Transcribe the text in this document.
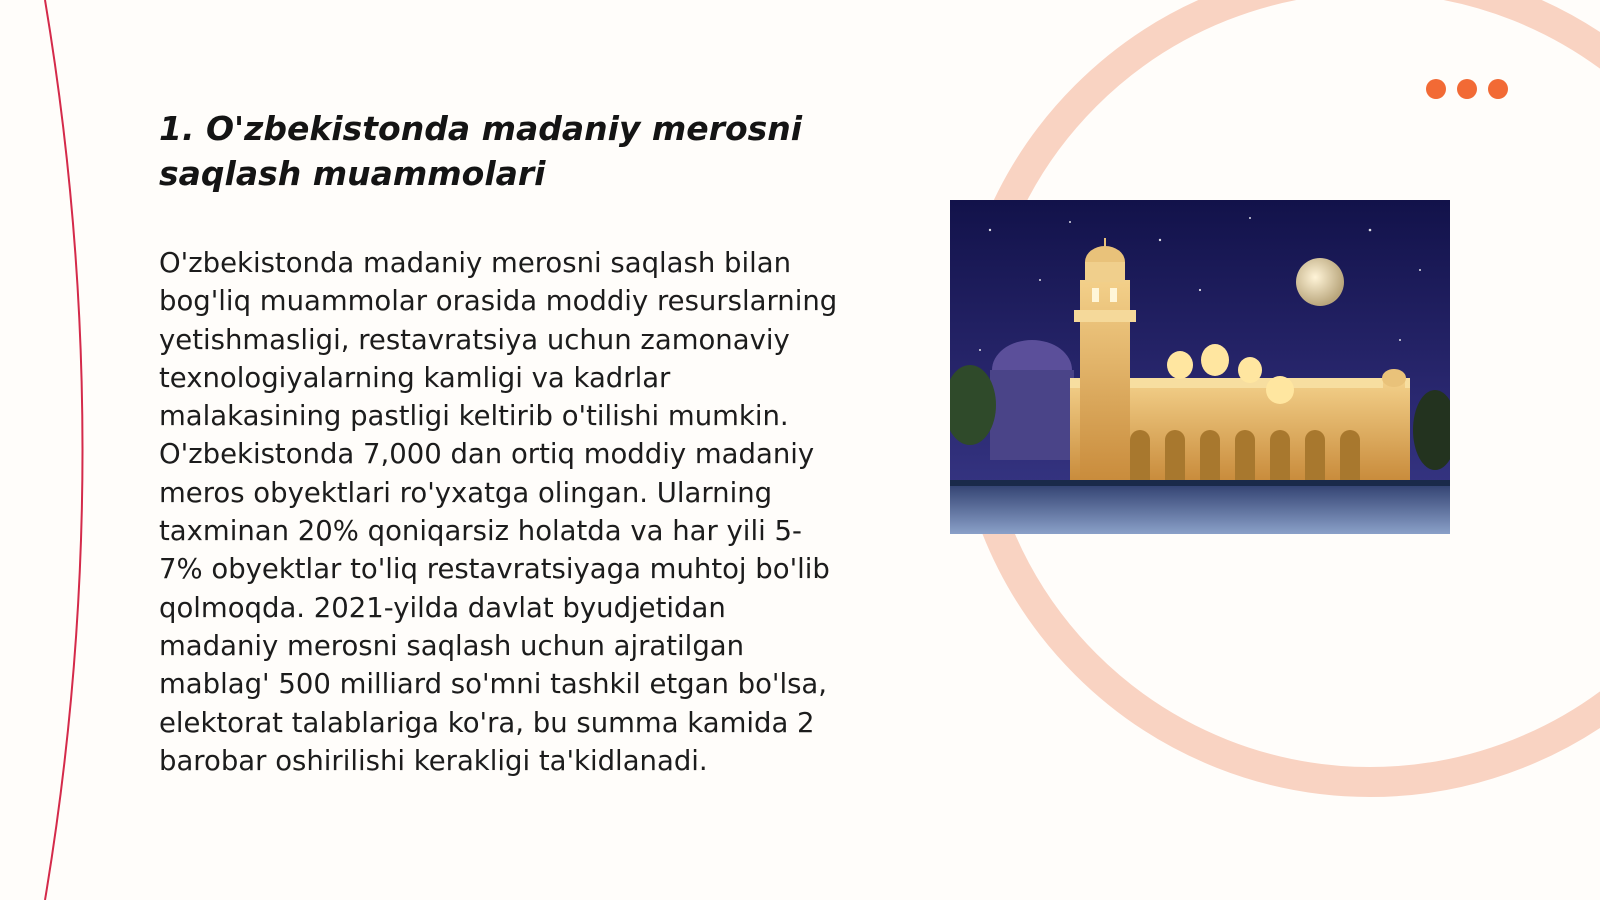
1. O'zbekistonda madaniy merosni saqlash muammolari

O'zbekistonda madaniy merosni saqlash bilan bog'liq muammolar orasida moddiy resurslarning yetishmasligi, restavratsiya uchun zamonaviy texnologiyalarning kamligi va kadrlar malakasining pastligi keltirib o'tilishi mumkin. O'zbekistonda 7,000 dan ortiq moddiy madaniy meros obyektlari ro'yxatga olingan. Ularning taxminan 20% qoniqarsiz holatda va har yili 5-7% obyektlar to'liq restavratsiyaga muhtoj bo'lib qolmoqda. 2021-yilda davlat byudjetidan madaniy merosni saqlash uchun ajratilgan mablag' 500 milliard so'mni tashkil etgan bo'lsa, elektorat talablariga ko'ra, bu summa kamida 2 barobar oshirilishi kerakligi ta'kidlanadi.
